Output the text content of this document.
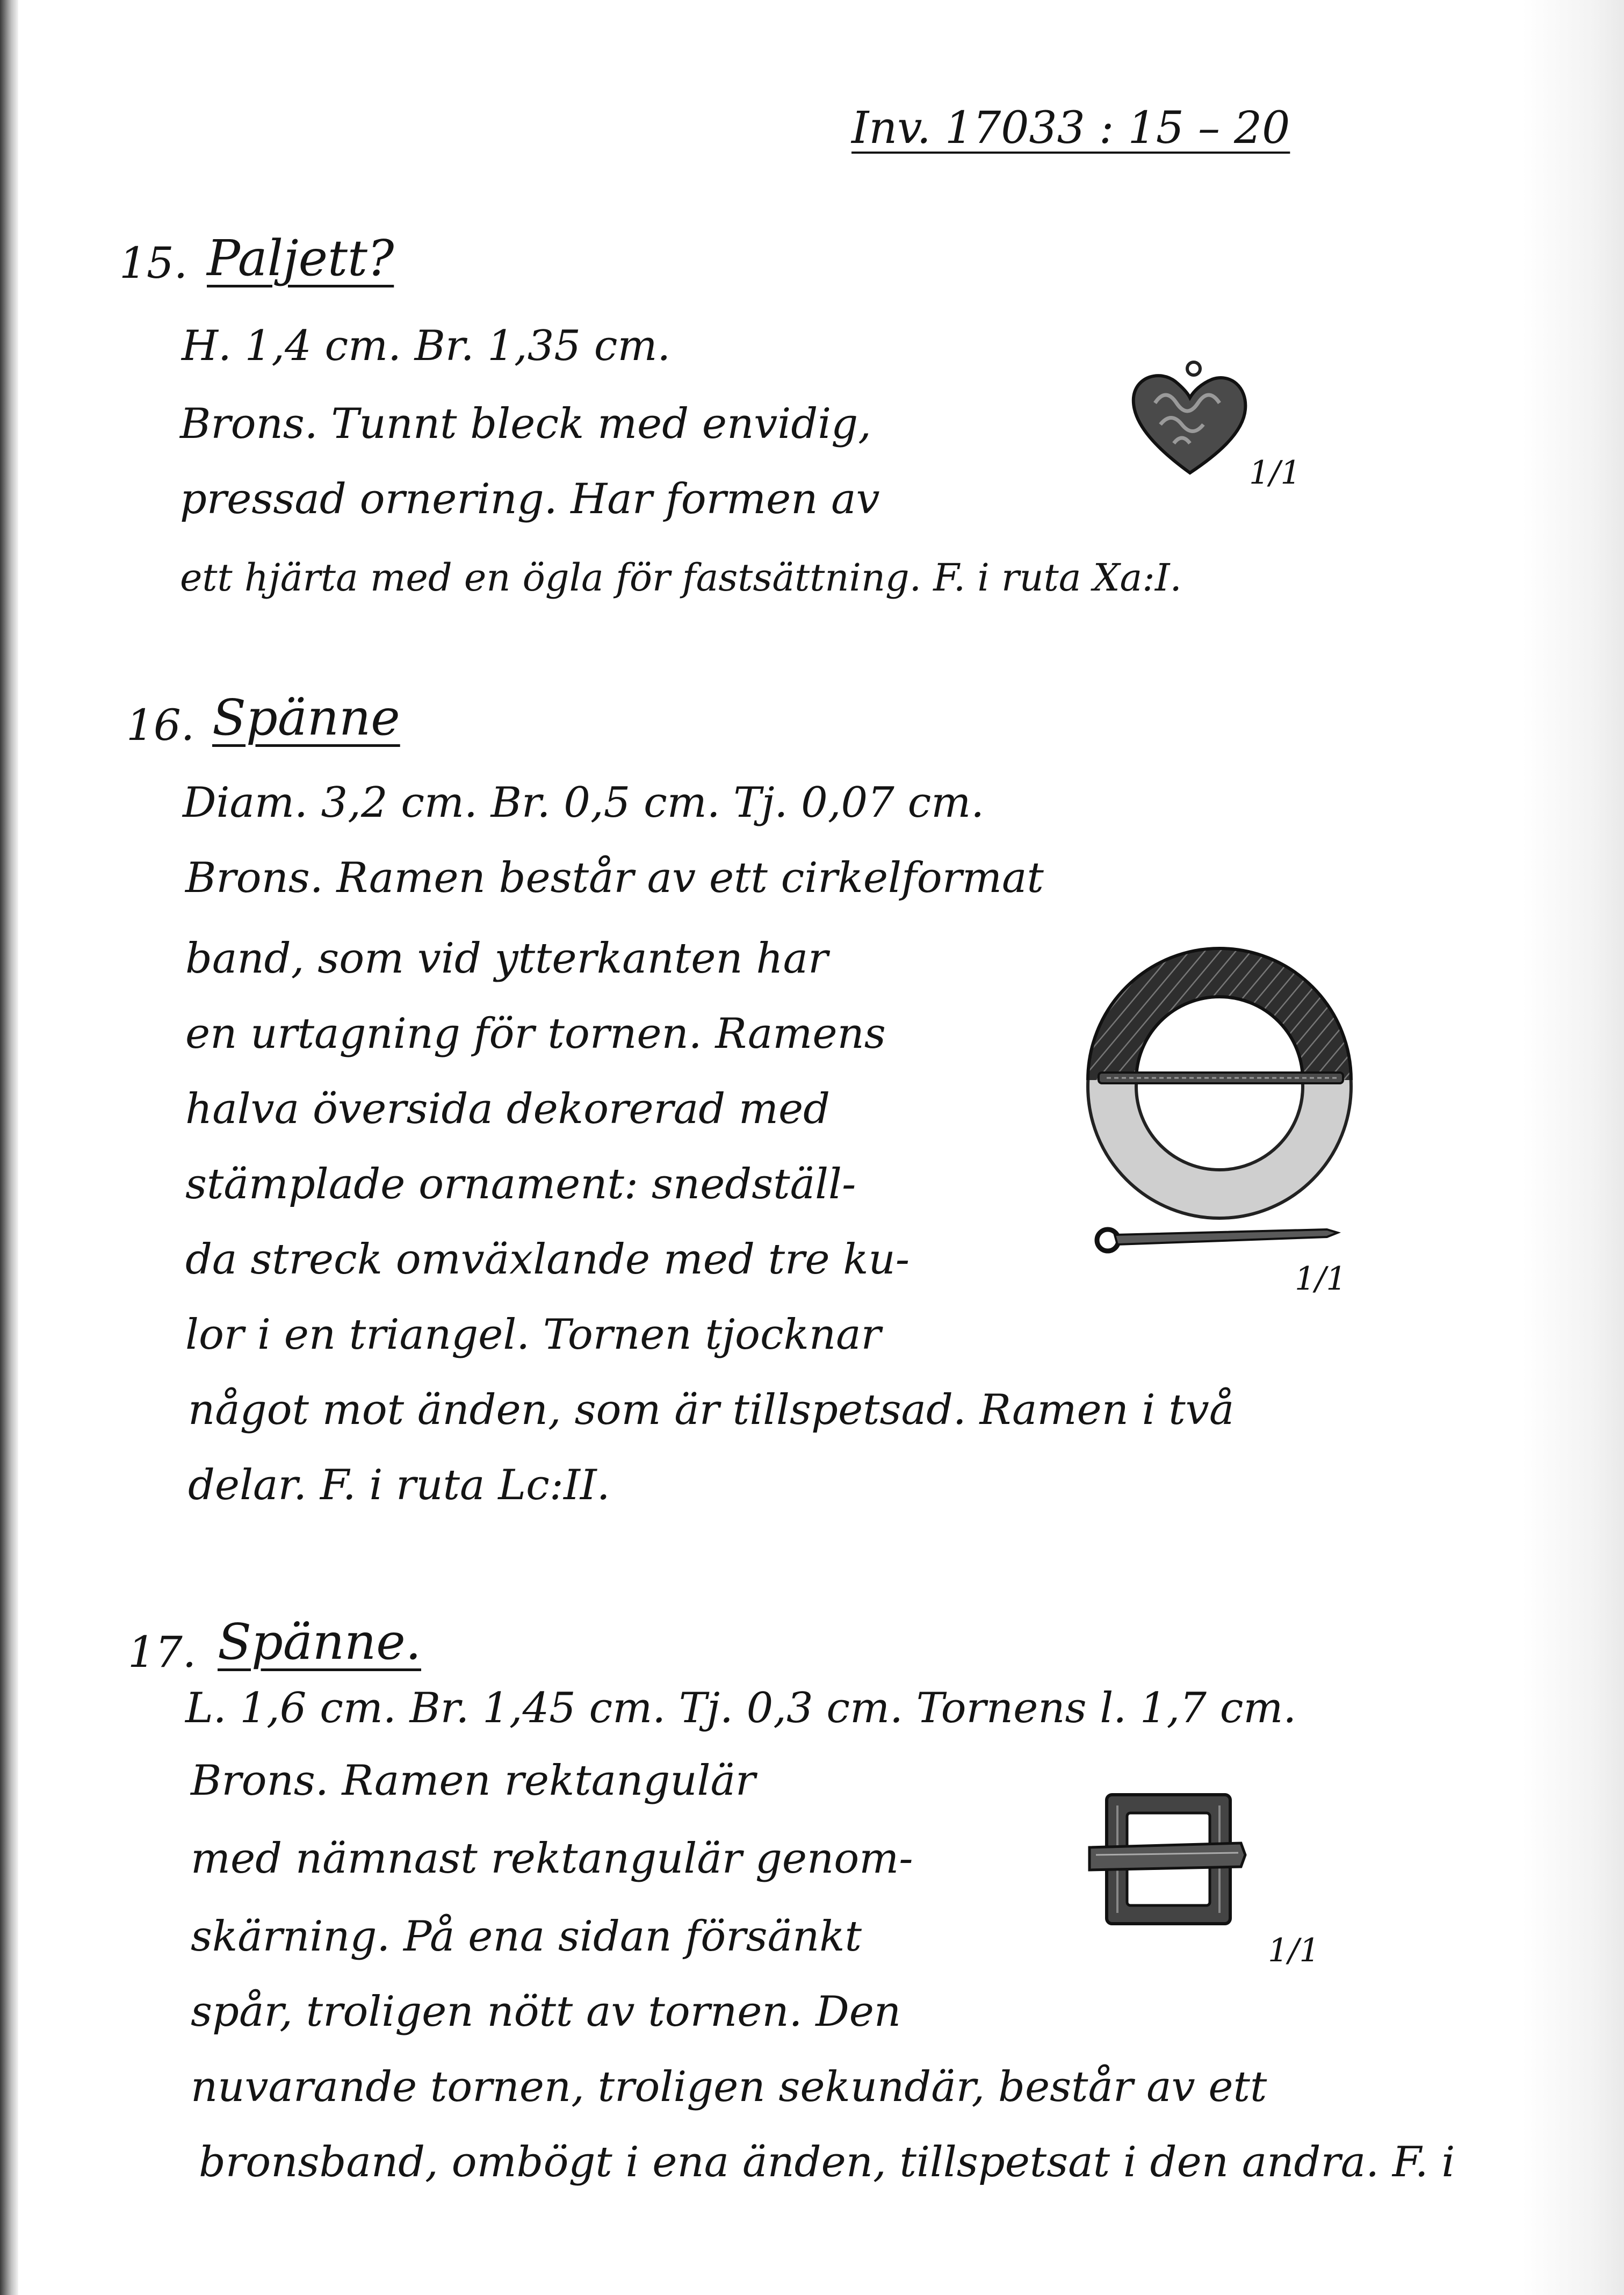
Inv. 17033 : 15 – 20
15. Paljett?
H. 1,4 cm. Br. 1,35 cm.
Brons. Tunnt bleck med envidig,
pressad ornering. Har formen av
ett hjärta med en ögla för fastsättning. F. i ruta Xa:I.
1/1
16. Spänne
Diam. 3,2 cm. Br. 0,5 cm. Tj. 0,07 cm.
Brons. Ramen består av ett cirkelformat
band, som vid ytterkanten har
en urtagning för tornen. Ramens
halva översida dekorerad med
stämplade ornament: snedställ-
da streck omväxlande med tre ku-
lor i en triangel. Tornen tjocknar
något mot änden, som är tillspetsad. Ramen i två
delar. F. i ruta Lc:II.
1/1
17. Spänne.
L. 1,6 cm. Br. 1,45 cm. Tj. 0,3 cm. Tornens l. 1,7 cm.
Brons. Ramen rektangulär
med nämnast rektangulär genom-
skärning. På ena sidan försänkt
spår, troligen nött av tornen. Den
nuvarande tornen, troligen sekundär, består av ett
bronsband, ombögt i ena änden, tillspetsat i den andra. F. i
1/1
